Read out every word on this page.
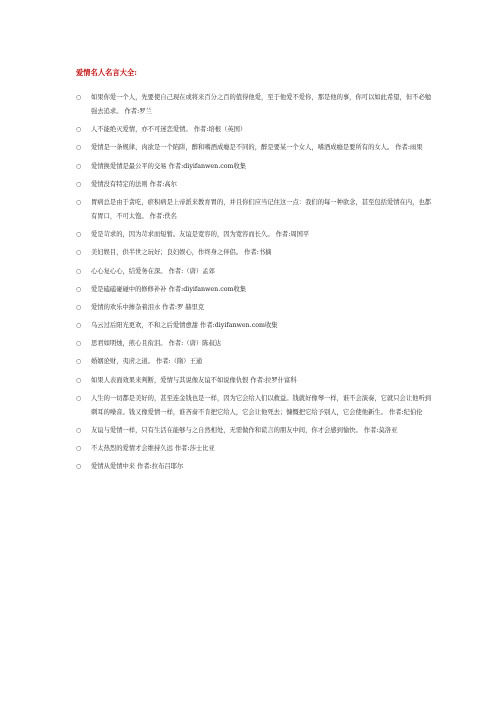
爱情名人名言大全:
○ 如果你爱一个人，先要使自己现在或将来百分之百的值得他爱，至于他爱不爱你，那是他的事，你可以如此希望，但不必勉强去追求。 作者:罗兰
○ 人不能绝灭爱情，亦不可迷恋爱情。 作者:培根（英国）
○ 爱情是一条规律，肉欲是一个陷阱，醉和嗜酒成瘾是不同的，醉是要某一个女人，嗜酒成瘾是要所有的女人。 作者:雨果
○ 爱情换爱情是最公平的交易 作者:diyifanwen.com收集
○ 爱情没有特定的法则 作者:高尔
○ 胃病总是由于贪吃，瘀积病是上帝派来教育胃的，并且你们应当记住这一点：我们的每一种欲念，甚至包括爱情在内，也都有胃口，不可太饱。 作者:佚名
○ 爱是苛求的，因为苛求而短暂。友谊是宽容的，因为宽容而长久。 作者:周国平
○ 美妇娱目，供半世之玩好；良妇娱心，作终身之伴侣。 作者:书摘
○ 心心复心心，结爱务在深。 作者:（唐）孟郊
○ 爱是磕磕碰碰中的修修补补 作者:diyifanwen.com收集
○ 爱情的欢乐中掺杂着泪水 作者:罗 赫里克
○ 乌云过后阳光更欢，不和之后爱情愈甜 作者:diyifanwen.com收集
○ 思君如明烛，煎心且衔泪。 作者:（唐）陈叔达
○ 婚姻论财，夷虏之道。 作者:（隋）王通
○ 如果人表面效果来判断，爱情与其说像友谊不如说像仇恨 作者:拉罗什富科
○ 人生的一切都是美好的，甚至连金钱也是一样，因为它会给人们以救益。钱就好像琴一样，谁不会演奏，它就只会让他听到刺耳的噪音。钱又像爱情一样，谁吝啬不肯把它给人，它会让他死去；慷慨把它给予别人，它会使他新生。 作者:纪伯伦
○ 友谊与爱情一样，只有生活在能够与之自然相处，无需做作和谎言的朋友中间，你才会感到愉快。 作者:莫洛亚
○ 不太热烈的爱情才会维持久远 作者:莎士比亚
○ 爱情从爱情中来 作者:拉布吕耶尔
